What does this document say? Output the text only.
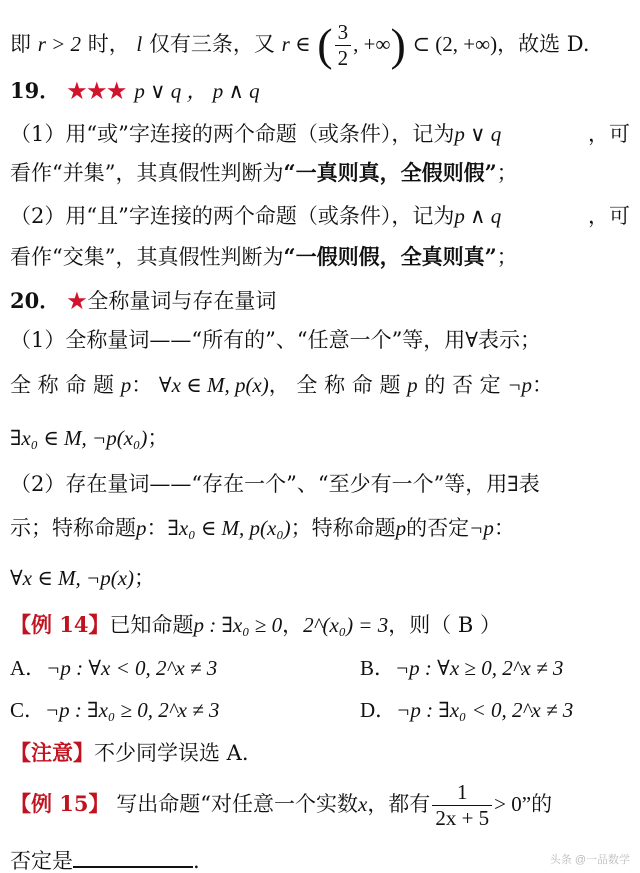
即 r > 2 时， l 仅有三条，又 r ∈ ( $\frac{3}{2}$ , +∞) ⊂ (2, +∞)，故选 D.
19． ★★★ p ∨ q ， p ∧ q
（1）用“或”字连接的两个命题（或条件），记为p ∨ q	，可
看作“并集”，其真假性判断为“一真则真，全假则假”；
（2）用“且”字连接的两个命题（或条件），记为p ∧ q	，可
看作“交集”，其真假性判断为“一假则假，全真则真”；
20． ★全称量词与存在量词
（1）全称量词——“所有的”、“任意一个”等，用∀表示；
全 称 命 题 p： ∀x ∈ M, p(x)， 全 称 命 题 p 的 否 定 ¬p：
∃x₀ ∈ M, ¬p(x₀)；
（2）存在量词——“存在一个”、“至少有一个”等，用∃表
示；特称命题p：∃x₀ ∈ M, p(x₀)；特称命题p的否定¬p：
∀x ∈ M, ¬p(x)；
【例 14】已知命题p : ∃x₀ ≥ 0，2^(x₀) = 3，则（ B ）
A．¬p : ∀x < 0, 2^x ≠ 3	B．¬p : ∀x ≥ 0, 2^x ≠ 3
C．¬p : ∃x₀ ≥ 0, 2^x ≠ 3	D．¬p : ∃x₀ < 0, 2^x ≠ 3
【注意】不少同学误选 A.
【例 15】 写出命题“对任意一个实数x，都有 $\frac{1}{2x + 5} > 0$”的
否定是	.	头条 @一品数学
